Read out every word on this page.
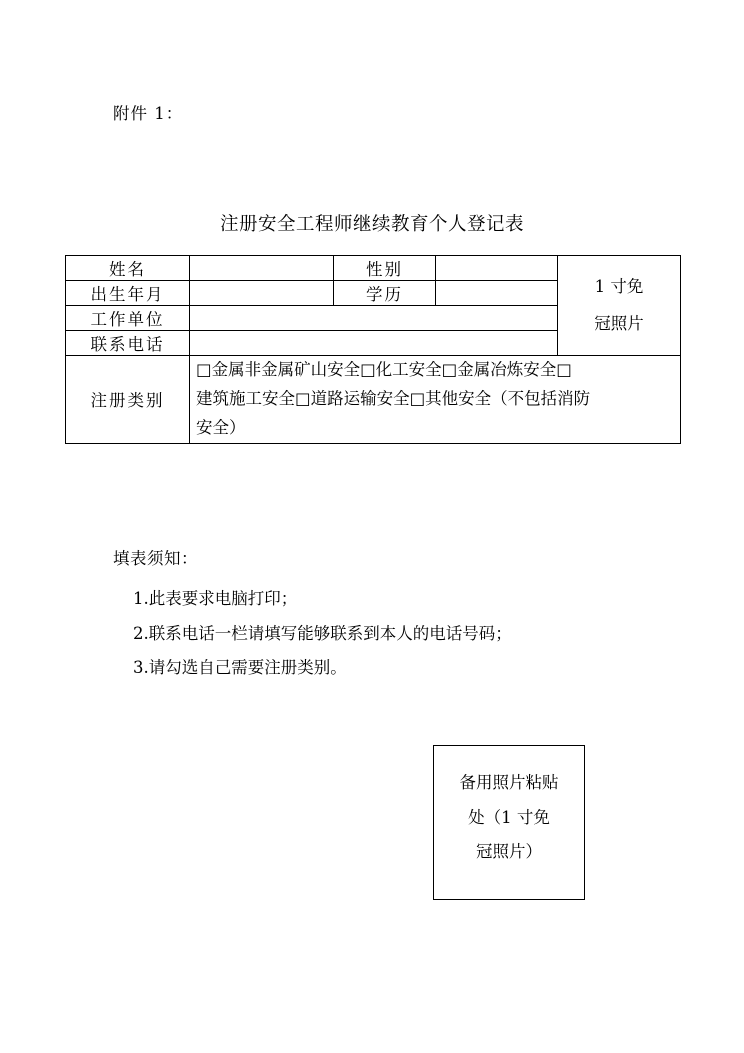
附件 1：
注册安全工程师继续教育个人登记表
姓名		性别		1 寸免
冠照片

出生年月		学历		
工作单位				
联系电话				
注册类别	□金属非金属矿山安全□化工安全□金属冶炼安全□
建筑施工安全□道路运输安全□其他安全（不包括消防
安全）			
填表须知：
1.此表要求电脑打印；
2.联系电话一栏请填写能够联系到本人的电话号码；
3.请勾选自己需要注册类别。
备用照片粘贴
处（1 寸免
冠照片）
